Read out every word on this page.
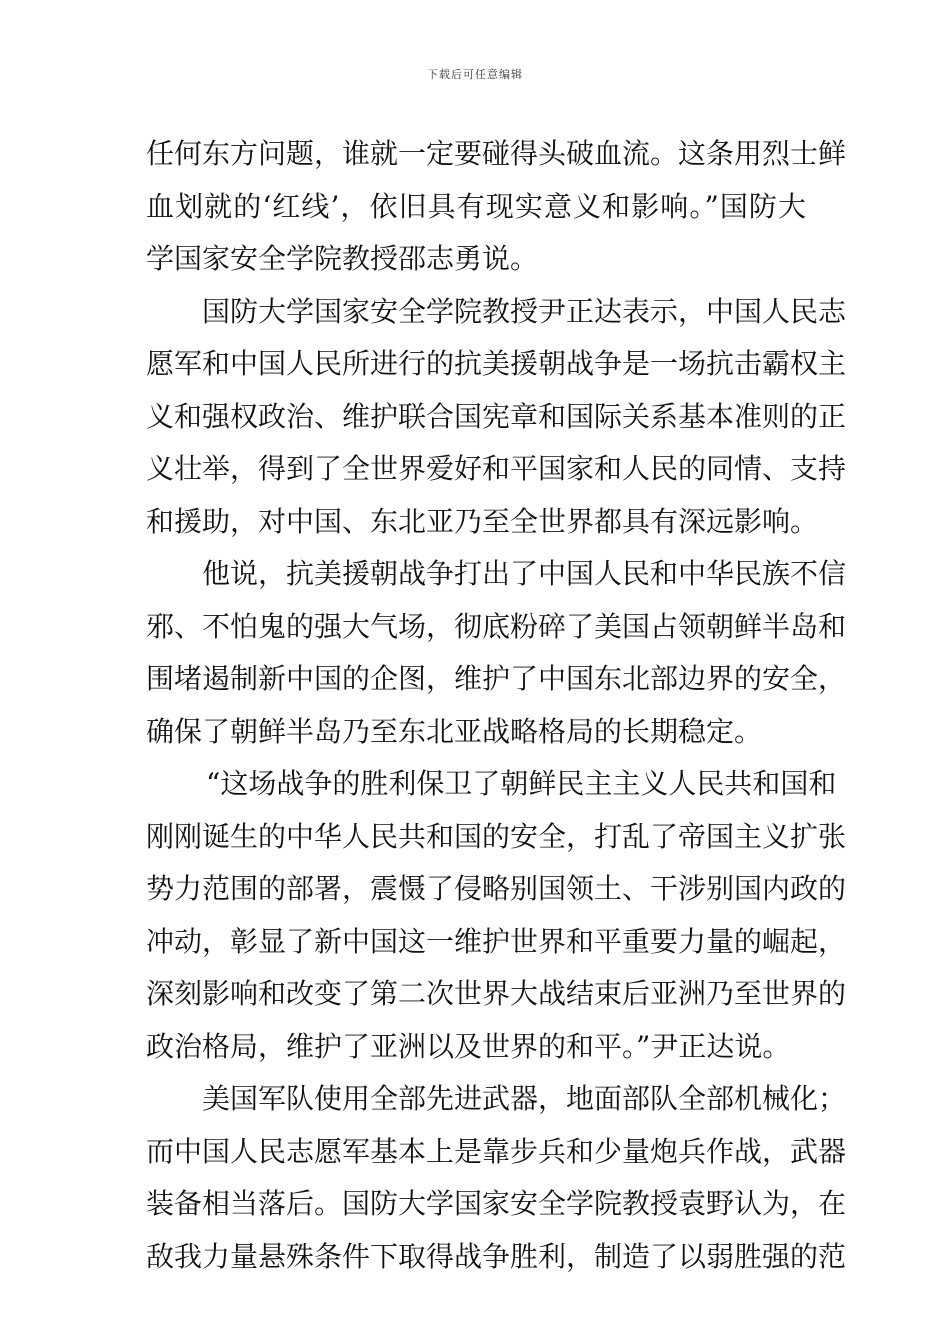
下载后可任意编辑
任何东方问题，谁就一定要碰得头破血流。这条用烈士鲜
血划就的‘红线’，依旧具有现实意义和影响。”国防大
学国家安全学院教授邵志勇说。
国防大学国家安全学院教授尹正达表示，中国人民志
愿军和中国人民所进行的抗美援朝战争是一场抗击霸权主
义和强权政治、维护联合国宪章和国际关系基本准则的正
义壮举，得到了全世界爱好和平国家和人民的同情、支持
和援助，对中国、东北亚乃至全世界都具有深远影响。
他说，抗美援朝战争打出了中国人民和中华民族不信
邪、不怕鬼的强大气场，彻底粉碎了美国占领朝鲜半岛和
围堵遏制新中国的企图，维护了中国东北部边界的安全，
确保了朝鲜半岛乃至东北亚战略格局的长期稳定。
“这场战争的胜利保卫了朝鲜民主主义人民共和国和
刚刚诞生的中华人民共和国的安全，打乱了帝国主义扩张
势力范围的部署，震慑了侵略别国领土、干涉别国内政的
冲动，彰显了新中国这一维护世界和平重要力量的崛起，
深刻影响和改变了第二次世界大战结束后亚洲乃至世界的
政治格局，维护了亚洲以及世界的和平。”尹正达说。
美国军队使用全部先进武器，地面部队全部机械化；
而中国人民志愿军基本上是靠步兵和少量炮兵作战，武器
装备相当落后。国防大学国家安全学院教授袁野认为，在
敌我力量悬殊条件下取得战争胜利，制造了以弱胜强的范
